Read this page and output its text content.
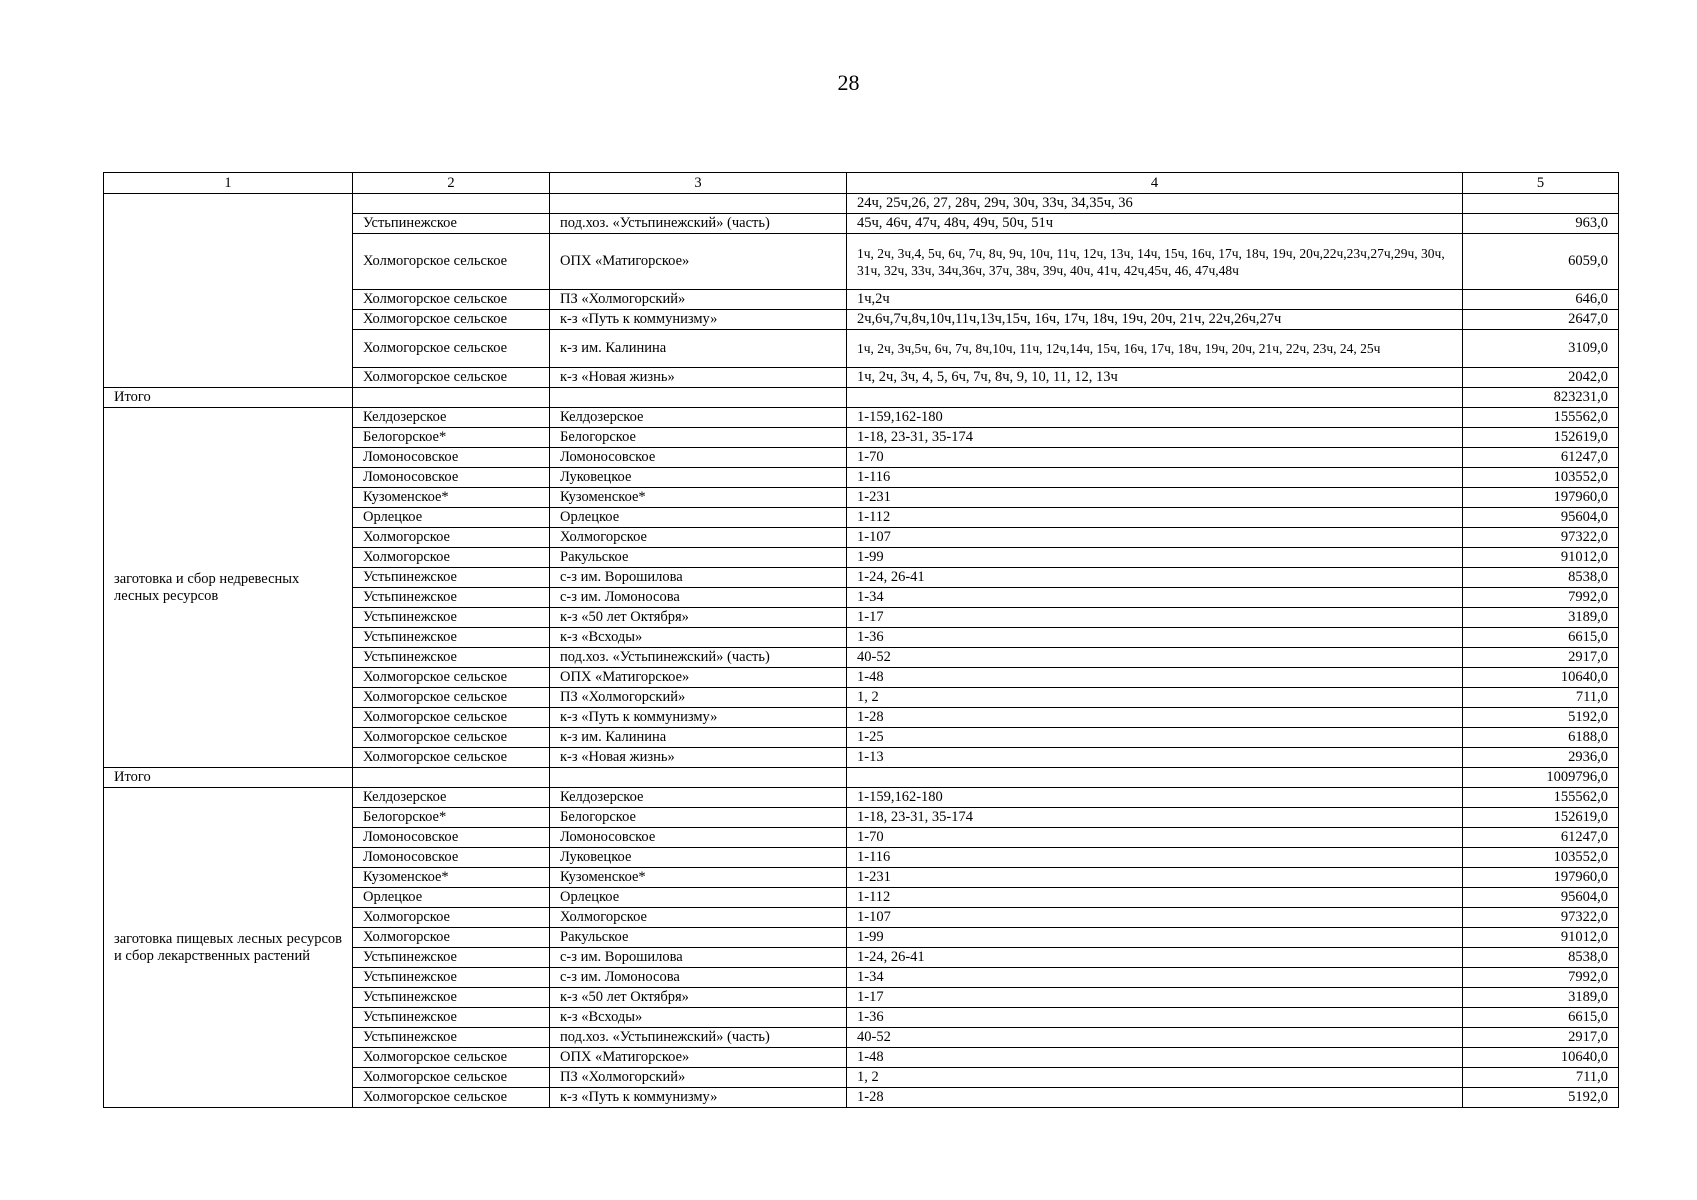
28
1	2	3	4	5
			24ч, 25ч,26, 27, 28ч, 29ч, 30ч, 33ч, 34,35ч, 36	
	Устьпинежское	под.хоз. «Устьпинежский» (часть)	45ч, 46ч, 47ч, 48ч, 49ч, 50ч, 51ч	963,0
	Холмогорское сельское	ОПХ «Матигорское»	1ч, 2ч, 3ч,4, 5ч, 6ч, 7ч, 8ч, 9ч, 10ч, 11ч, 12ч, 13ч, 14ч, 15ч, 16ч, 17ч, 18ч, 19ч, 20ч,22ч,23ч,27ч,29ч, 30ч, 31ч, 32ч, 33ч, 34ч,36ч, 37ч, 38ч, 39ч, 40ч, 41ч, 42ч,45ч, 46, 47ч,48ч	6059,0
	Холмогорское сельское	ПЗ «Холмогорский»	1ч,2ч	646,0
	Холмогорское сельское	к-з «Путь к коммунизму»	2ч,6ч,7ч,8ч,10ч,11ч,13ч,15ч, 16ч, 17ч, 18ч, 19ч, 20ч, 21ч, 22ч,26ч,27ч	2647,0
	Холмогорское сельское	к-з им. Калинина	1ч, 2ч, 3ч,5ч, 6ч, 7ч, 8ч,10ч, 11ч, 12ч,14ч, 15ч, 16ч, 17ч, 18ч, 19ч, 20ч, 21ч, 22ч, 23ч, 24, 25ч	3109,0
	Холмогорское сельское	к-з «Новая жизнь»	1ч, 2ч, 3ч, 4, 5, 6ч, 7ч, 8ч, 9, 10, 11, 12, 13ч	2042,0
Итого				823231,0
заготовка и сбор недревесных лесных ресурсов	Келдозерское	Келдозерское	1-159,162-180	155562,0
	Белогорское*	Белогорское	1-18, 23-31, 35-174	152619,0
	Ломоносовское	Ломоносовское	1-70	61247,0
	Ломоносовское	Луковецкое	1-116	103552,0
	Кузоменское*	Кузоменское*	1-231	197960,0
	Орлецкое	Орлецкое	1-112	95604,0
	Холмогорское	Холмогорское	1-107	97322,0
	Холмогорское	Ракульское	1-99	91012,0
	Устьпинежское	с-з им. Ворошилова	1-24, 26-41	8538,0
	Устьпинежское	с-з им. Ломоносова	1-34	7992,0
	Устьпинежское	к-з «50 лет Октября»	1-17	3189,0
	Устьпинежское	к-з «Всходы»	1-36	6615,0
	Устьпинежское	под.хоз. «Устьпинежский» (часть)	40-52	2917,0
	Холмогорское сельское	ОПХ «Матигорское»	1-48	10640,0
	Холмогорское сельское	ПЗ «Холмогорский»	1, 2	711,0
	Холмогорское сельское	к-з «Путь к коммунизму»	1-28	5192,0
	Холмогорское сельское	к-з им. Калинина	1-25	6188,0
	Холмогорское сельское	к-з «Новая жизнь»	1-13	2936,0
Итого				1009796,0
заготовка пищевых лесных ресурсов и сбор лекарственных растений	Келдозерское	Келдозерское	1-159,162-180	155562,0
	Белогорское*	Белогорское	1-18, 23-31, 35-174	152619,0
	Ломоносовское	Ломоносовское	1-70	61247,0
	Ломоносовское	Луковецкое	1-116	103552,0
	Кузоменское*	Кузоменское*	1-231	197960,0
	Орлецкое	Орлецкое	1-112	95604,0
	Холмогорское	Холмогорское	1-107	97322,0
	Холмогорское	Ракульское	1-99	91012,0
	Устьпинежское	с-з им. Ворошилова	1-24, 26-41	8538,0
	Устьпинежское	с-з им. Ломоносова	1-34	7992,0
	Устьпинежское	к-з «50 лет Октября»	1-17	3189,0
	Устьпинежское	к-з «Всходы»	1-36	6615,0
	Устьпинежское	под.хоз. «Устьпинежский» (часть)	40-52	2917,0
	Холмогорское сельское	ОПХ «Матигорское»	1-48	10640,0
	Холмогорское сельское	ПЗ «Холмогорский»	1, 2	711,0
	Холмогорское сельское	к-з «Путь к коммунизму»	1-28	5192,0
